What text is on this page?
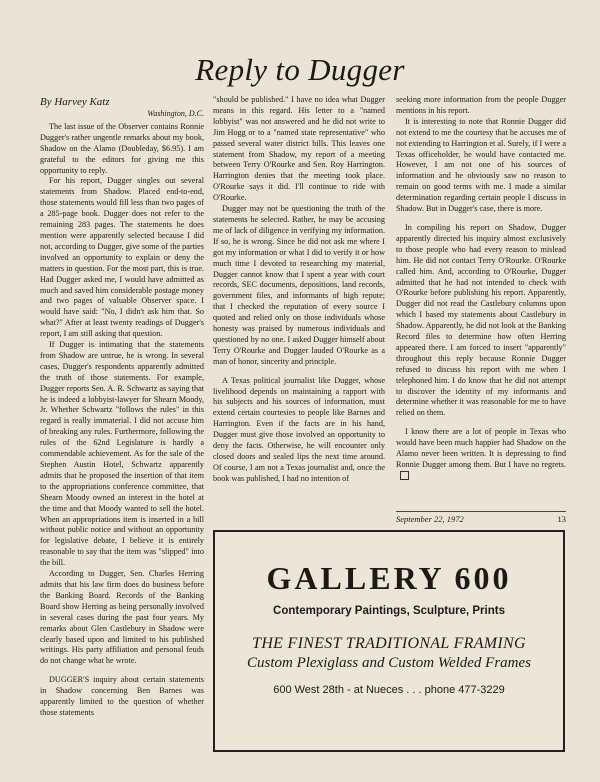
Reply to Dugger

By Harvey Katz

Washington, D.C.

The last issue of the Observer contains Ronnie Dugger's rather ungentle remarks about my book, Shadow on the Alamo (Doubleday, $6.95). I am grateful to the editors for giving me this opportunity to reply.

For his report, Dugger singles out several statements from Shadow. Placed end-to-end, those statements would fill less than two pages of a 285-page book. Dugger does not refer to the remaining 283 pages. The statements he does mention were apparently selected because I did not, according to Dugger, give some of the parties involved an opportunity to explain or deny the matters in question. For the most part, this is true. Had Dugger asked me, I would have admitted as much and saved him considerable postage money and two pages of valuable Observer space. I would have said: "No, I didn't ask him that. So what?" After at least twenty readings of Dugger's report, I am still asking that question.

If Dugger is intimating that the statements from Shadow are untrue, he is wrong. In several cases, Dugger's respondents apparently admitted the truth of those statements. For example, Dugger reports Sen. A. R. Schwartz as saying that he is indeed a lobbyist-lawyer for Shearn Moody, Jr. Whether Schwartz "follows the rules" in this regard is really immaterial. I did not accuse him of breaking any rules. Furthermore, following the rules of the 62nd Legislature is hardly a commendable achievement. As for the sale of the Stephen Austin Hotel, Schwartz apparently admits that he proposed the insertion of that item to the appropriations conference committee, that Shearn Moody owned an interest in the hotel at the time and that Moody wanted to sell the hotel. When an appropriations item is inserted in a bill without public notice and without an opportunity for legislative debate, I believe it is entirely reasonable to say that the item was "slipped" into the bill.

According to Dugger, Sen. Charles Herring admits that his law firm does do business before the Banking Board. Records of the Banking Board show Herring as being personally involved in several cases during the past four years. My remarks about Glen Castlebury in Shadow were clearly based upon and limited to his published writings. His party affiliation and personal feuds do not change what he wrote.

DUGGER'S inquiry about certain statements in Shadow concerning Ben Barnes was apparently limited to the question of whether those statements

"should be published." I have no idea what Dugger means in this regard. His letter to a "named lobbyist" was not answered and he did not write to Jim Hogg or to a "named state representative" who passed several water district bills. This leaves one statement from Shadow, my report of a meeting between Terry O'Rourke and Sen. Roy Harrington. Harrington denies that the meeting took place. O'Rourke says it did. I'll continue to ride with O'Rourke.

Dugger may not be questioning the truth of the statements he selected. Rather, he may be accusing me of lack of diligence in verifying my information. If so, he is wrong. Since he did not ask me where I got my information or what I did to verify it or how much time I devoted to researching my material, Dugger cannot know that I spent a year with court records, SEC documents, depositions, land records, government files, and informants of high repute; that I checked the reputation of every source I quoted and relied only on those individuals whose honesty was praised by numerous individuals and questioned by no one. I asked Dugger himself about Terry O'Rourke and Dugger lauded O'Rourke as a man of honor, sincerity and principle.

A Texas political journalist like Dugger, whose livelihood depends on maintaining a rapport with his subjects and his sources of information, must extend certain courtesies to people like Barnes and Harrington. Even if the facts are in his hand, Dugger must give those involved an opportunity to deny the facts. Otherwise, he will encounter only closed doors and sealed lips the next time around. Of course, I am not a Texas journalist and, once the book was published, I had no intention of

seeking more information from the people Dugger mentions in his report.

It is interesting to note that Ronnie Dugger did not extend to me the courtesy that he accuses me of not extending to Harrington et al. Surely, if I were a Texas officeholder, he would have contacted me. However, I am not one of his sources of information and he obviously saw no reason to remain on good terms with me. I made a similar determination regarding certain people I discuss in Shadow. But in Dugger's case, there is more.

In compiling his report on Shadow, Dugger apparently directed his inquiry almost exclusively to those people who had every reason to mislead him. He did not contact Terry O'Rourke. O'Rourke called him. And, according to O'Rourke, Dugger admitted that he had not intended to check with O'Rourke before publishing his report. Apparently, Dugger did not read the Castlebury columns upon which I based my statements about Castlebury in Shadow. Apparently, he did not look at the Banking Record files to determine how often Herring appeared there. I am forced to insert "apparently" throughout this reply because Ronnie Dugger refused to discuss his report with me when I telephoned him. I do know that he did not attempt to discover the identity of my informants and determine whether it was reasonable for me to have relied on them.

I know there are a lot of people in Texas who would have been much happier had Shadow on the Alamo never been written. It is depressing to find Ronnie Dugger among them. But I have no regrets.

September 22, 1972	13
GALLERY 600
Contemporary Paintings, Sculpture, Prints
THE FINEST TRADITIONAL FRAMING
Custom Plexiglass and Custom Welded Frames
600 West 28th - at Nueces . . . phone 477-3229
